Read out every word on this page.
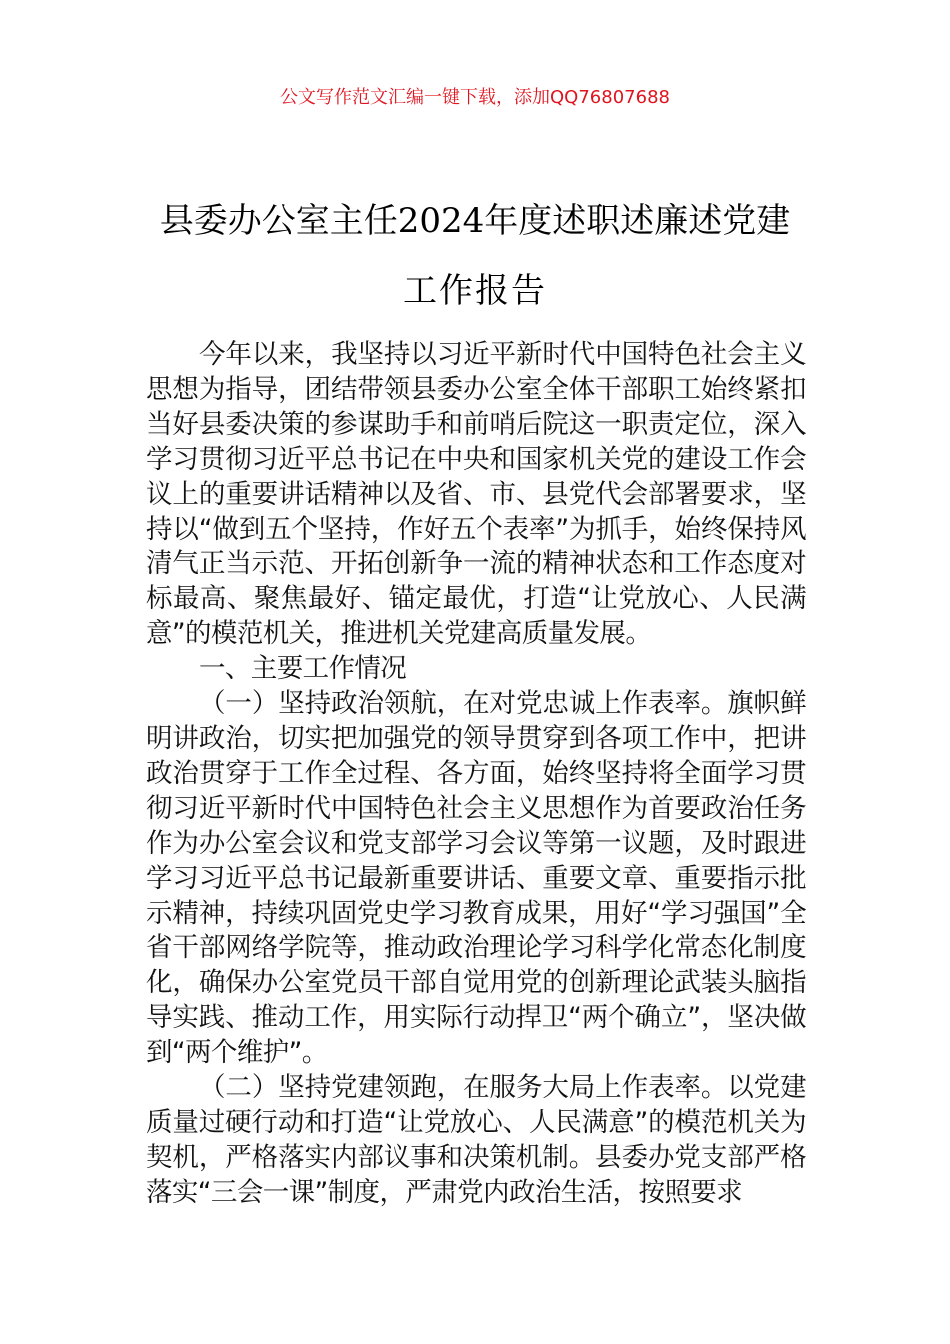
公文写作范文汇编一键下载，添加QQ76807688
县委办公室主任2024年度述职述廉述党建
工作报告

今年以来，我坚持以习近平新时代中国特色社会主义思想为指导，团结带领县委办公室全体干部职工始终紧扣当好县委决策的参谋助手和前哨后院这一职责定位，深入学习贯彻习近平总书记在中央和国家机关党的建设工作会议上的重要讲话精神以及省、市、县党代会部署要求，坚持以“做到五个坚持，作好五个表率”为抓手，始终保持风清气正当示范、开拓创新争一流的精神状态和工作态度对标最高、聚焦最好、锚定最优，打造“让党放心、人民满意”的模范机关，推进机关党建高质量发展。

一、主要工作情况

（一）坚持政治领航，在对党忠诚上作表率。旗帜鲜明讲政治，切实把加强党的领导贯穿到各项工作中，把讲政治贯穿于工作全过程、各方面，始终坚持将全面学习贯彻习近平新时代中国特色社会主义思想作为首要政治任务作为办公室会议和党支部学习会议等第一议题，及时跟进学习习近平总书记最新重要讲话、重要文章、重要指示批示精神，持续巩固党史学习教育成果，用好“学习强国”全省干部网络学院等，推动政治理论学习科学化常态化制度化，确保办公室党员干部自觉用党的创新理论武装头脑指导实践、推动工作，用实际行动捍卫“两个确立”，坚决做到“两个维护”。

（二）坚持党建领跑，在服务大局上作表率。以党建质量过硬行动和打造“让党放心、人民满意”的模范机关为契机，严格落实内部议事和决策机制。县委办党支部严格落实“三会一课”制度，严肃党内政治生活，按照要求
